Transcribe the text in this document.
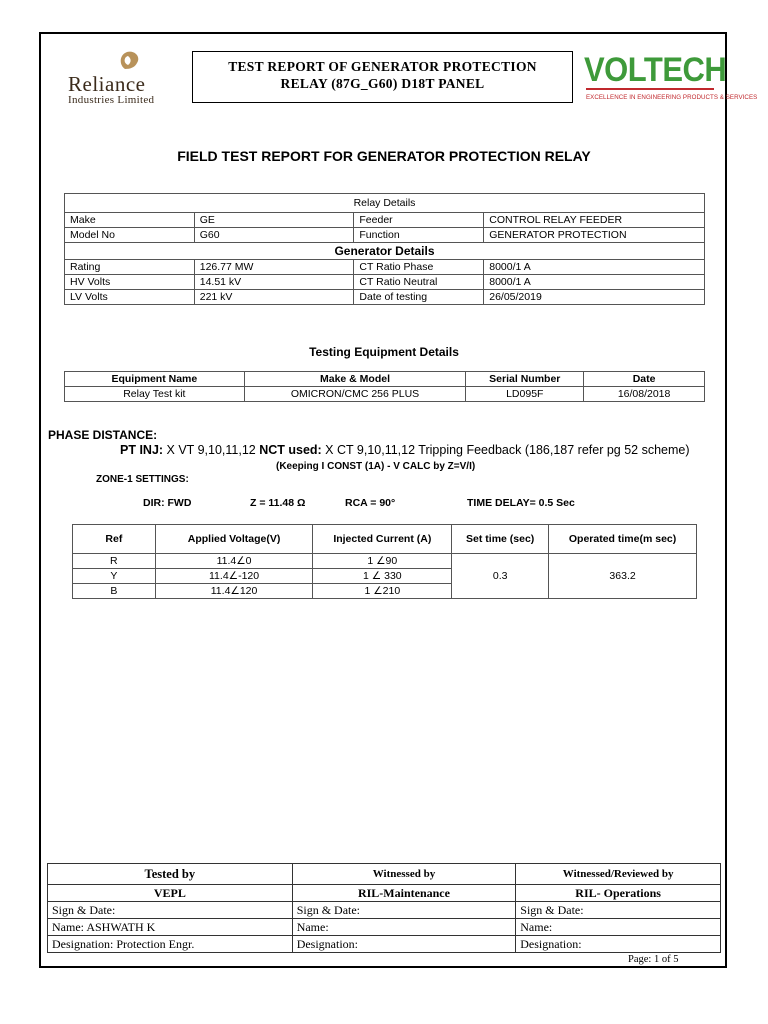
Reliance
Industries Limited
TEST REPORT OF GENERATOR PROTECTION
RELAY (87G_G60) D18T PANEL	VOLTECH
EXCELLENCE IN ENGINEERING PRODUCTS & SERVICES
FIELD TEST REPORT FOR GENERATOR PROTECTION RELAY
Relay Details			
Make	GE	Feeder	CONTROL RELAY FEEDER
Model No	G60	Function	GENERATOR PROTECTION
Generator Details			
Rating	126.77 MW	CT Ratio Phase	8000/1 A
HV Volts	14.51 kV	CT Ratio Neutral	8000/1 A
LV Volts	221 kV	Date of testing	26/05/2019
Testing Equipment Details
Equipment Name	Make & Model	Serial Number	Date
Relay Test kit	OMICRON/CMC 256 PLUS	LD095F	16/08/2018
PHASE DISTANCE:
PT INJ: X VT 9,10,11,12 NCT used: X CT 9,10,11,12 Tripping Feedback (186,187 refer pg 52 scheme)
(Keeping I CONST (1A) - V CALC by Z=V/I)
ZONE-1 SETTINGS:
DIR: FWD	Z = 11.48 Ω	RCA = 90°	TIME DELAY= 0.5 Sec
Ref	Applied Voltage(V)	Injected Current (A)	Set time (sec)	Operated time(m sec)
R	11.4∠0	1 ∠90	0.3	363.2
Y	11.4∠-120	1 ∠ 330		
B	11.4∠120	1 ∠210		
Tested by	Witnessed by	Witnessed/Reviewed by
VEPL	RIL-Maintenance	RIL- Operations
Sign & Date:	Sign & Date:	Sign & Date:
Name: ASHWATH K	Name:	Name:
Designation: Protection Engr.	Designation:	Designation:
Page: 1 of 5
